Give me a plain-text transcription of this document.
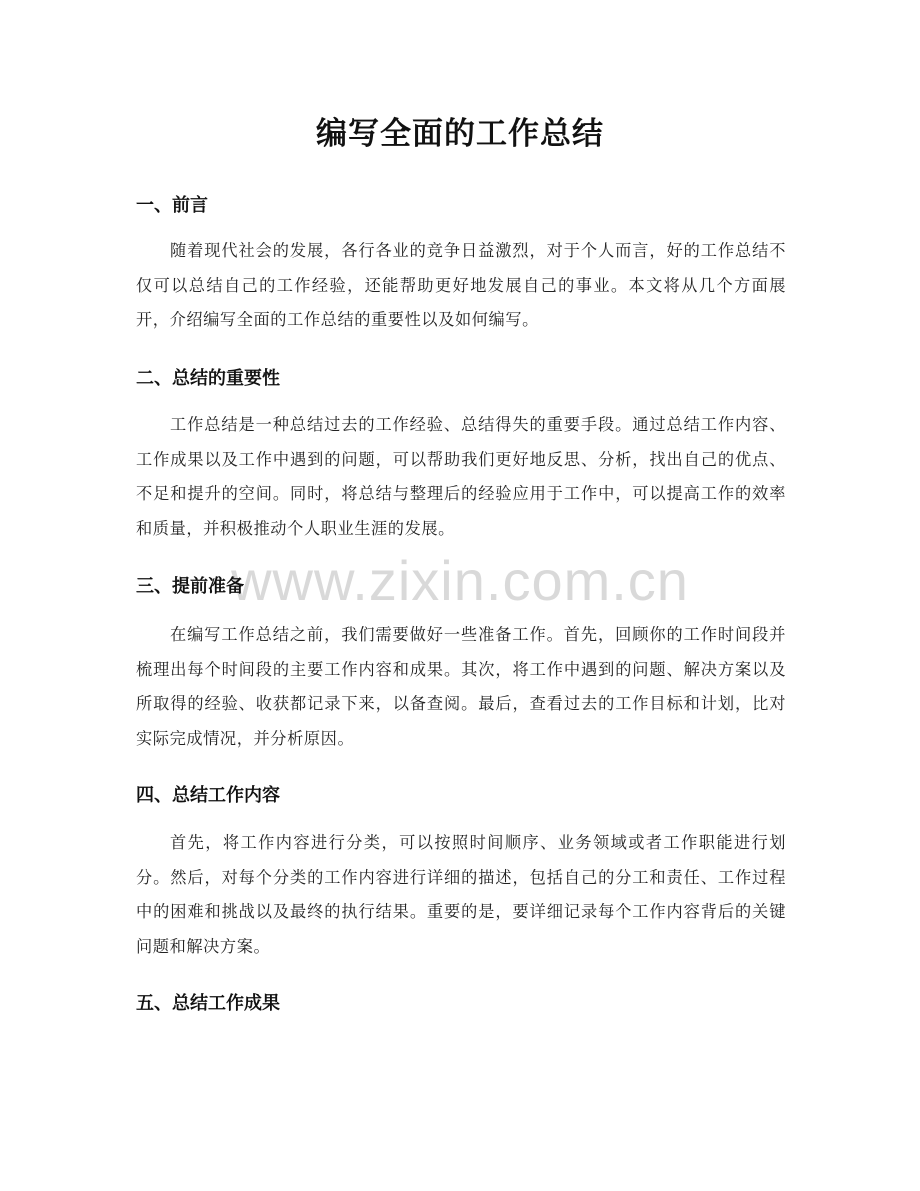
www.zixin.com.cn
编写全面的工作总结
一、前言
随着现代社会的发展，各行各业的竞争日益激烈，对于个人而言，好的工作总结不仅可以总结自己的工作经验，还能帮助更好地发展自己的事业。本文将从几个方面展开，介绍编写全面的工作总结的重要性以及如何编写。
二、总结的重要性
工作总结是一种总结过去的工作经验、总结得失的重要手段。通过总结工作内容、工作成果以及工作中遇到的问题，可以帮助我们更好地反思、分析，找出自己的优点、不足和提升的空间。同时，将总结与整理后的经验应用于工作中，可以提高工作的效率和质量，并积极推动个人职业生涯的发展。
三、提前准备
在编写工作总结之前，我们需要做好一些准备工作。首先，回顾你的工作时间段并梳理出每个时间段的主要工作内容和成果。其次，将工作中遇到的问题、解决方案以及所取得的经验、收获都记录下来，以备查阅。最后，查看过去的工作目标和计划，比对实际完成情况，并分析原因。
四、总结工作内容
首先，将工作内容进行分类，可以按照时间顺序、业务领域或者工作职能进行划分。然后，对每个分类的工作内容进行详细的描述，包括自己的分工和责任、工作过程中的困难和挑战以及最终的执行结果。重要的是，要详细记录每个工作内容背后的关键问题和解决方案。
五、总结工作成果
